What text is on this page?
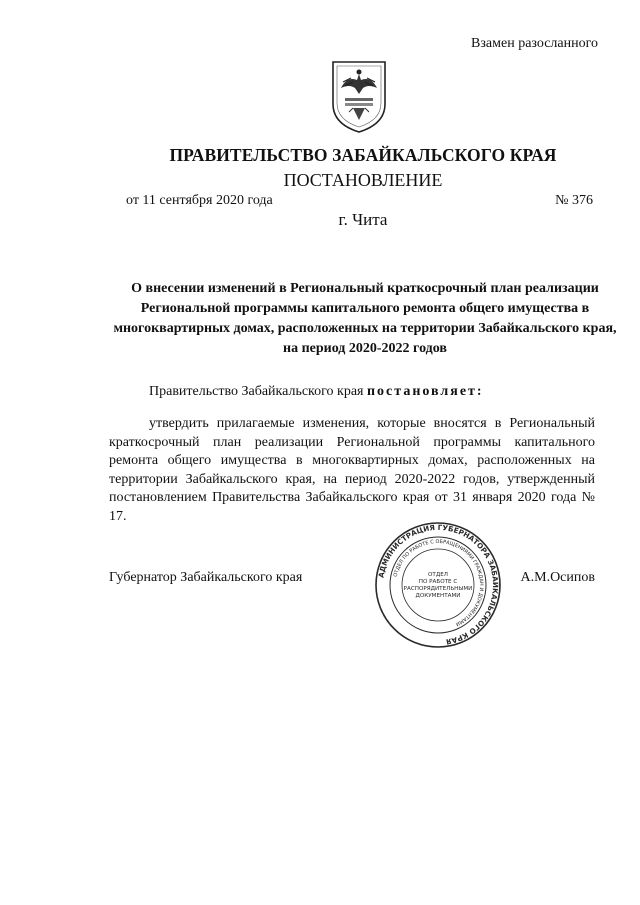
Взамен разосланного
ПРАВИТЕЛЬСТВО ЗАБАЙКАЛЬСКОГО КРАЯ
ПОСТАНОВЛЕНИЕ
от 11 сентября 2020 года	№ 376
г. Чита
О внесении изменений в Региональный краткосрочный план реализации Региональной программы капитального ремонта общего имущества в многоквартирных домах, расположенных на территории Забайкальского края, на период 2020-2022 годов
Правительство Забайкальского края постановляет:
утвердить прилагаемые изменения, которые вносятся в Региональный краткосрочный план реализации Региональной программы капитального ремонта общего имущества в многоквартирных домах, расположенных на территории Забайкальского края, на период 2020-2022 годов, утвержденный постановлением Правительства Забайкальского края от 31 января 2020 года № 17.
Губернатор Забайкальского края	А.М.Осипов
АДМИНИСТРАЦИЯ ГУБЕРНАТОРА ЗАБАЙКАЛЬСКОГО КРАЯ
ОТДЕЛ ПО РАБОТЕ С ОБРАЩЕНИЯМИ ГРАЖДАН И ДОКУМЕНТАМИ
ОТДЕЛ
ПО РАБОТЕ С
РАСПОРЯДИТЕЛЬНЫМИ
ДОКУМЕНТАМИ
